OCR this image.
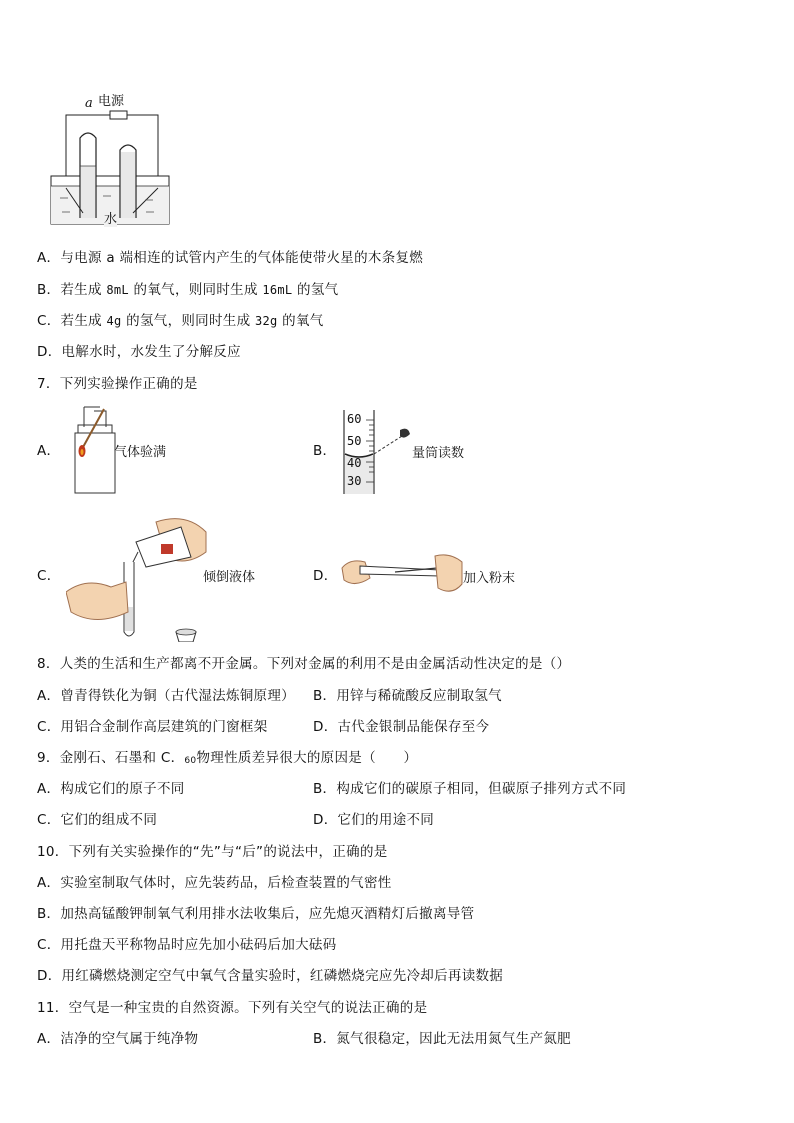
a 电源
水
A．与电源 a 端相连的试管内产生的气体能使带火星的木条复燃
B．若生成 8mL 的氧气，则同时生成 16mL 的氢气
C．若生成 4g 的氢气，则同时生成 32g 的氧气
D．电解水时，水发生了分解反应
7．下列实验操作正确的是
A．	气体验满	B．
60
50
40
30
量筒读数
C．	倾倒液体	D．	加入粉末
8．人类的生活和生产都离不开金属。下列对金属的利用不是由金属活动性决定的是（）
A．曾青得铁化为铜（古代湿法炼铜原理） B．用锌与稀硫酸反应制取氢气
C．用铝合金制作高层建筑的门窗框架	D．古代金银制品能保存至今
9．金刚石、石墨和 C．60物理性质差异很大的原因是（　　）
A．构成它们的原子不同	B．构成它们的碳原子相同，但碳原子排列方式不同
C．它们的组成不同	D．它们的用途不同
10．下列有关实验操作的“先”与“后”的说法中，正确的是
A．实验室制取气体时，应先装药品，后检查装置的气密性
B．加热高锰酸钾制氧气利用排水法收集后，应先熄灭酒精灯后撤离导管
C．用托盘天平称物品时应先加小砝码后加大砝码
D．用红磷燃烧测定空气中氧气含量实验时，红磷燃烧完应先冷却后再读数据
11．空气是一种宝贵的自然资源。下列有关空气的说法正确的是
A．洁净的空气属于纯净物	B．氮气很稳定，因此无法用氮气生产氮肥
